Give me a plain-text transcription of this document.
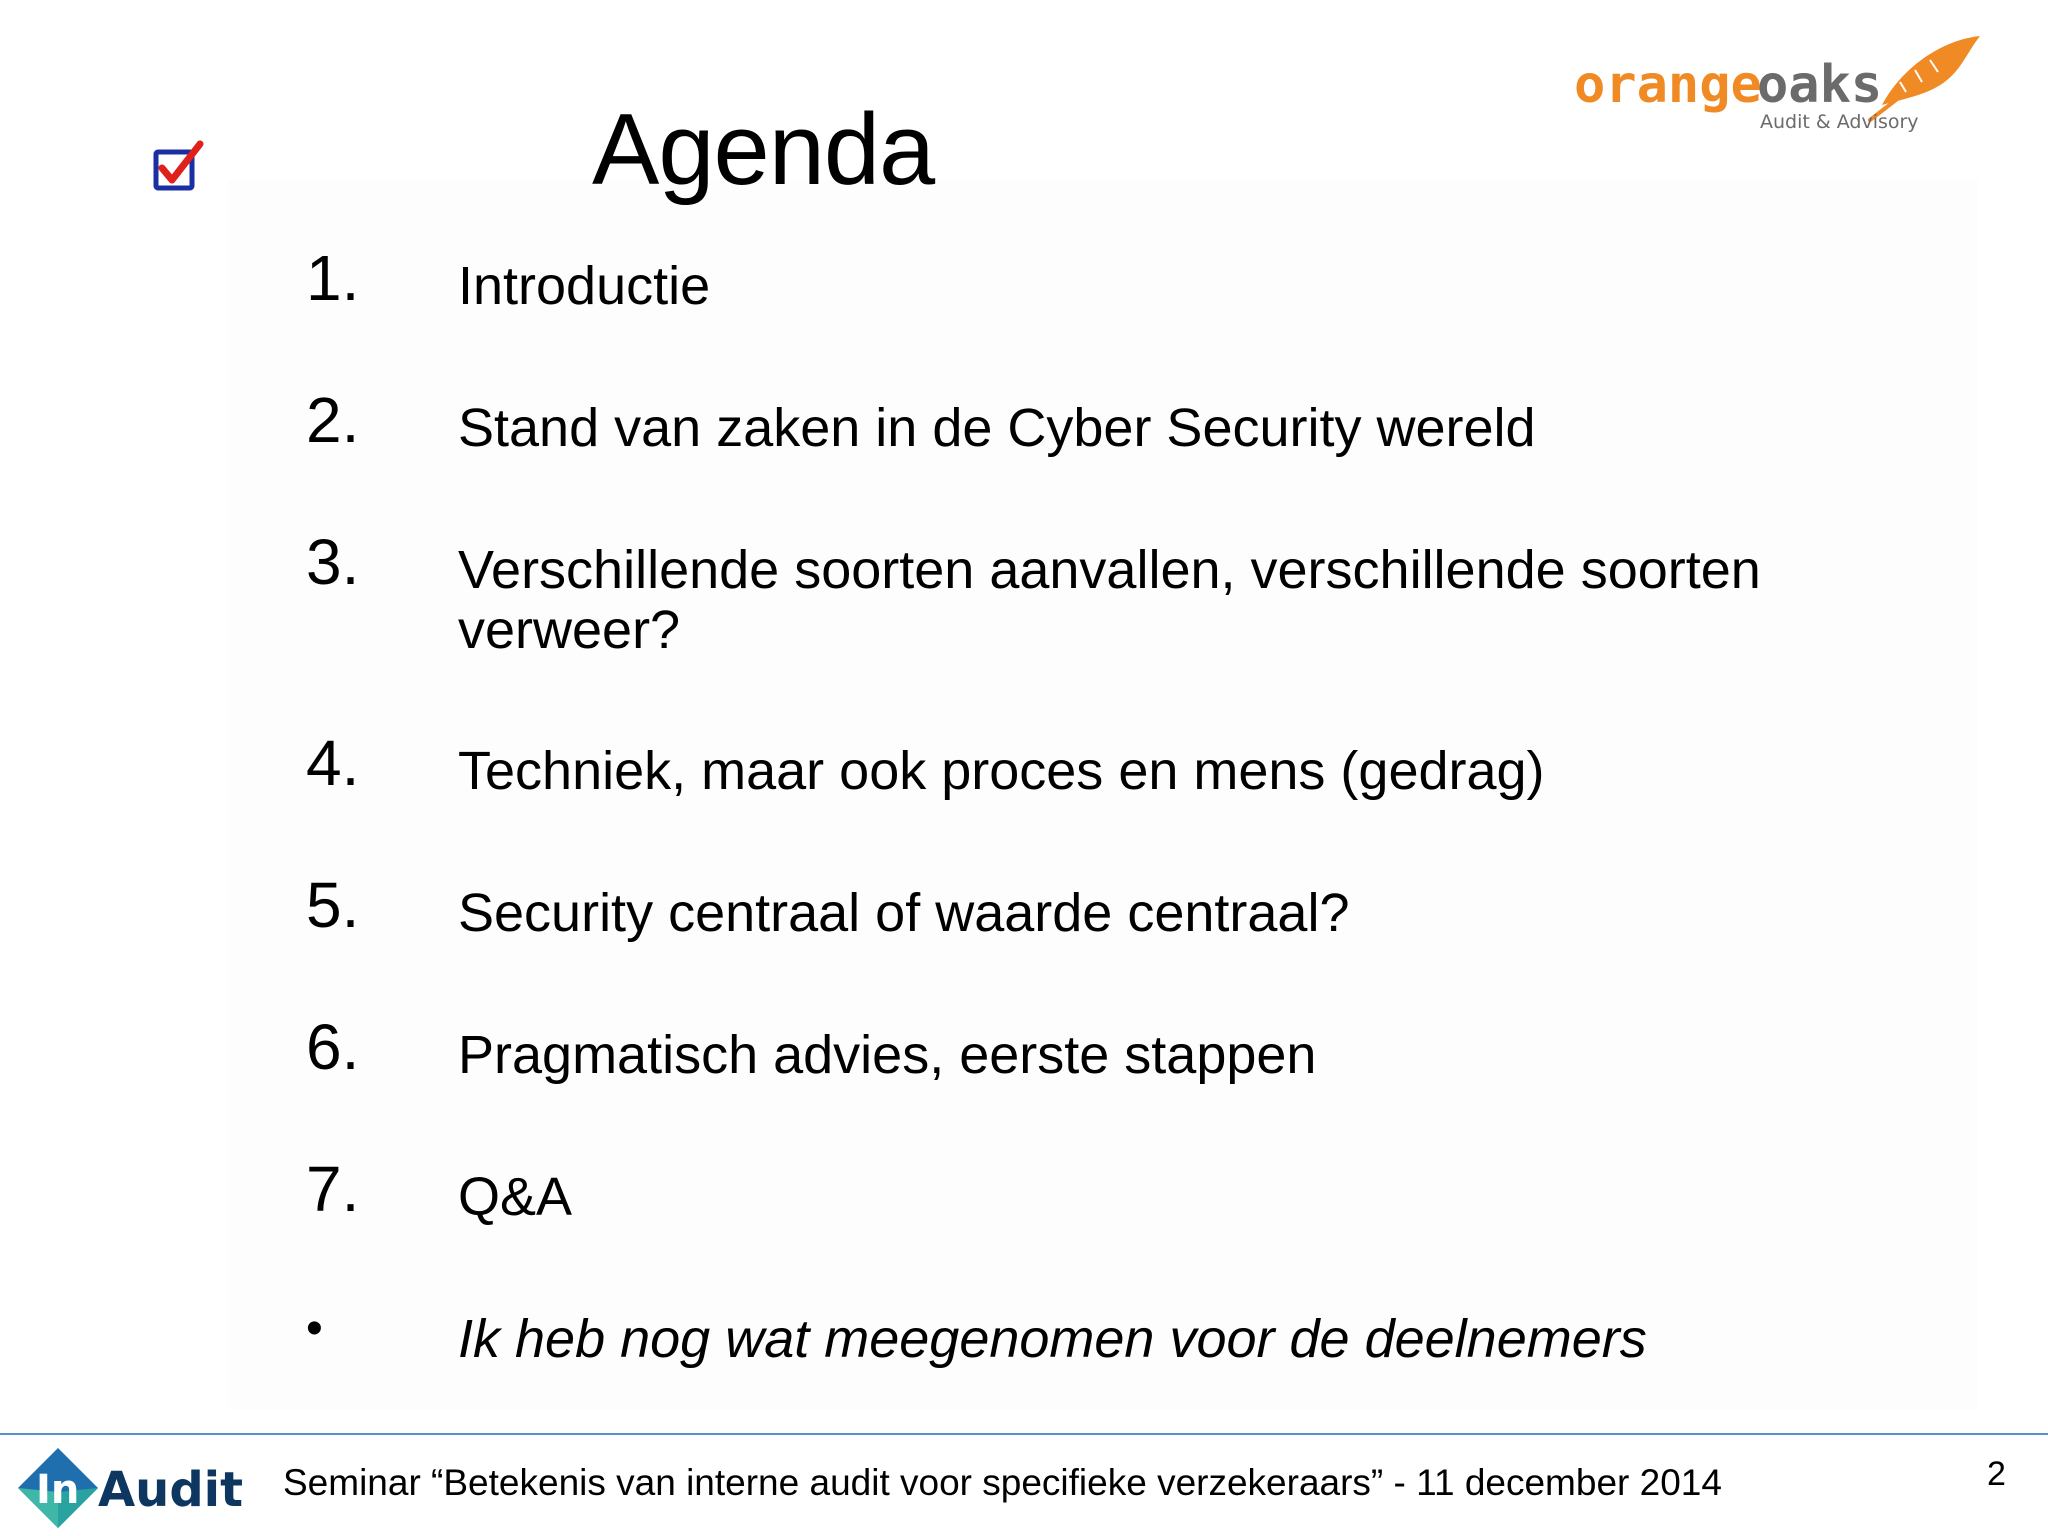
Agenda
orange
oaks
Audit & Advisory
1. Introductie
2. Stand van zaken in de Cyber Security wereld
3. Verschillende soorten aanvallen, verschillende soorten verweer?
4. Techniek, maar ook proces en mens (gedrag)
5. Security centraal of waarde centraal?
6. Pragmatisch advies, eerste stappen
7. Q&A
•	Ik heb nog wat meegenomen voor de deelnemers
In Audit Seminar “Betekenis van interne audit voor specifieke verzekeraars” - 11 december 2014	2
